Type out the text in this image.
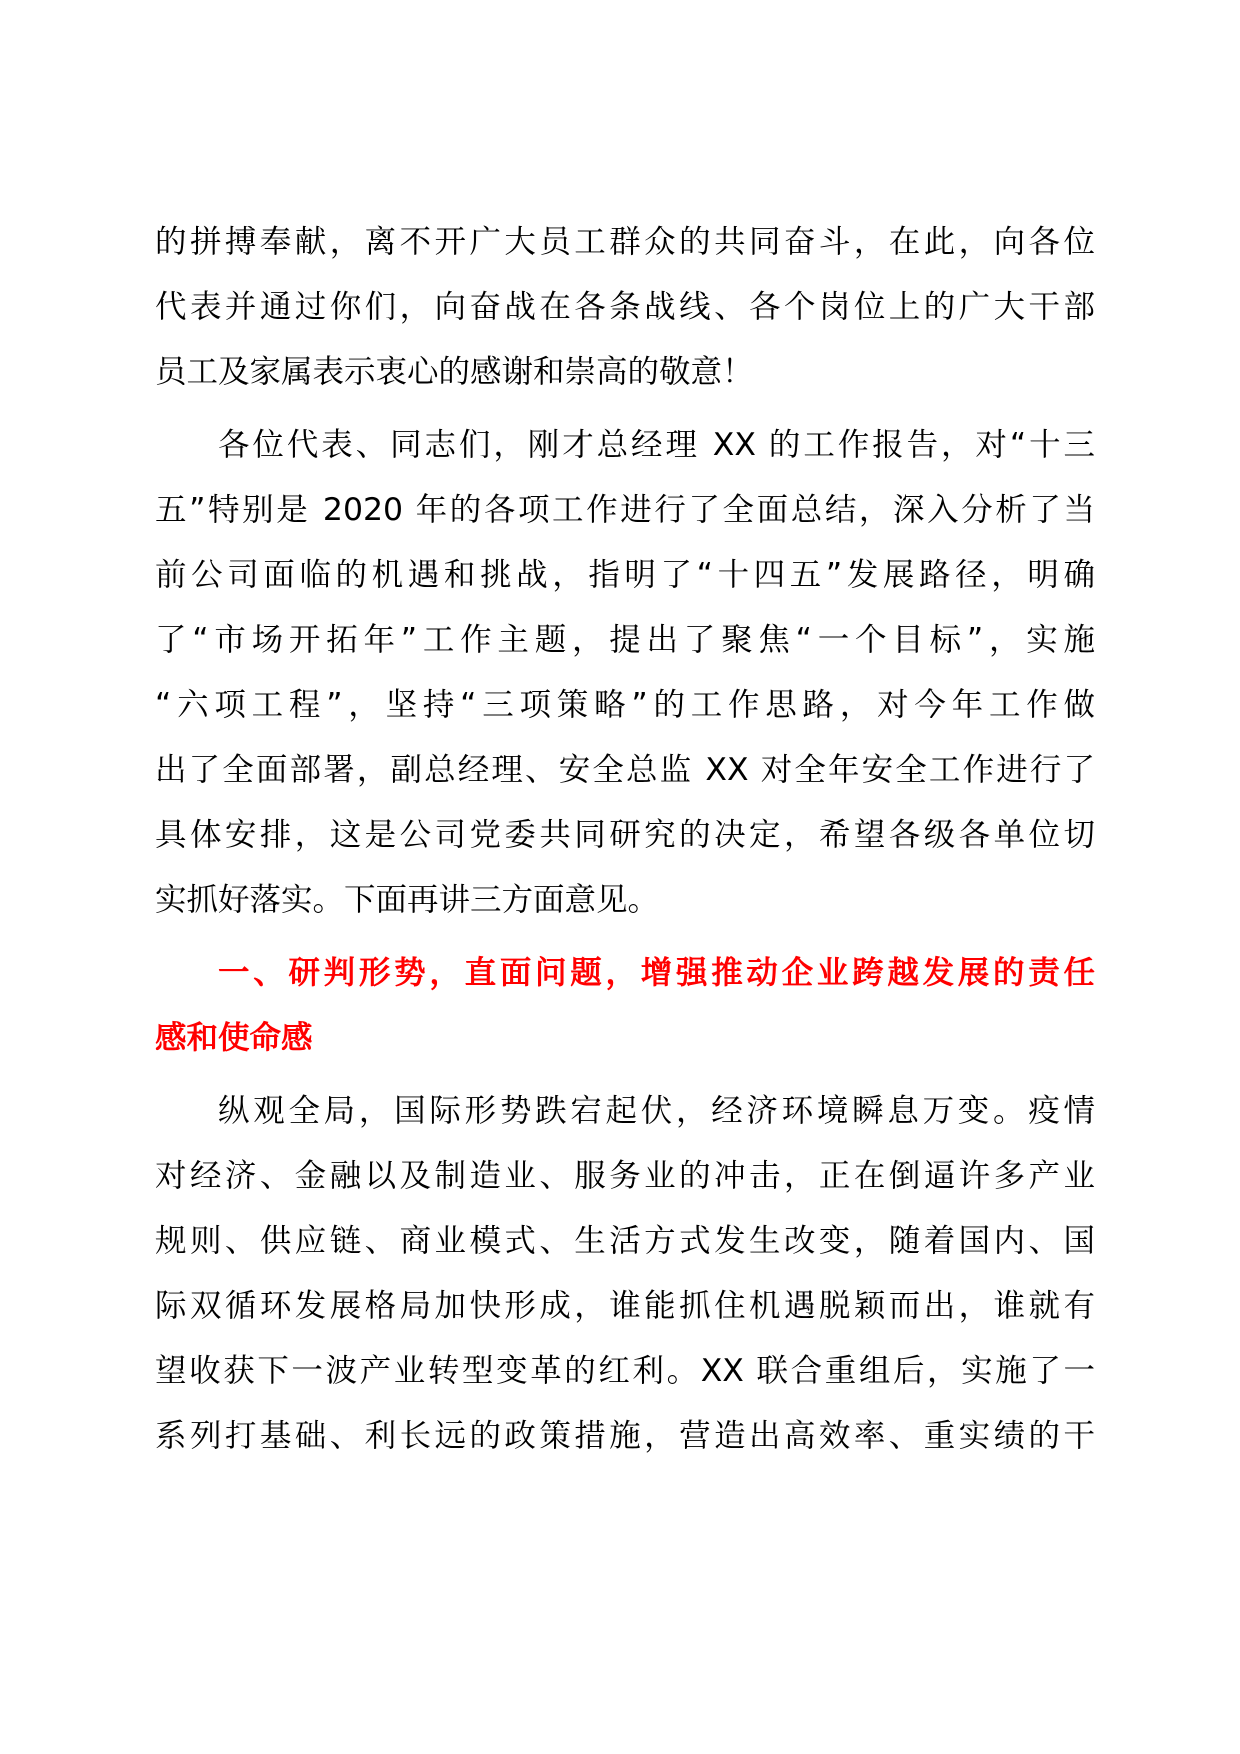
的拼搏奉献，离不开广大员工群众的共同奋斗，在此，向各位
代表并通过你们，向奋战在各条战线、各个岗位上的广大干部
员工及家属表示衷心的感谢和崇高的敬意！
各位代表、同志们，刚才总经理 XX 的工作报告，对“十三
五”特别是 2020 年的各项工作进行了全面总结，深入分析了当
前公司面临的机遇和挑战，指明了“十四五”发展路径，明确
了“市场开拓年”工作主题，提出了聚焦“一个目标”，实施
“六项工程”，坚持“三项策略”的工作思路，对今年工作做
出了全面部署，副总经理、安全总监 XX 对全年安全工作进行了
具体安排，这是公司党委共同研究的决定，希望各级各单位切
实抓好落实。下面再讲三方面意见。
一、研判形势，直面问题，增强推动企业跨越发展的责任
感和使命感
纵观全局，国际形势跌宕起伏，经济环境瞬息万变。疫情
对经济、金融以及制造业、服务业的冲击，正在倒逼许多产业
规则、供应链、商业模式、生活方式发生改变，随着国内、国
际双循环发展格局加快形成，谁能抓住机遇脱颖而出，谁就有
望收获下一波产业转型变革的红利。XX 联合重组后，实施了一
系列打基础、利长远的政策措施，营造出高效率、重实绩的干
